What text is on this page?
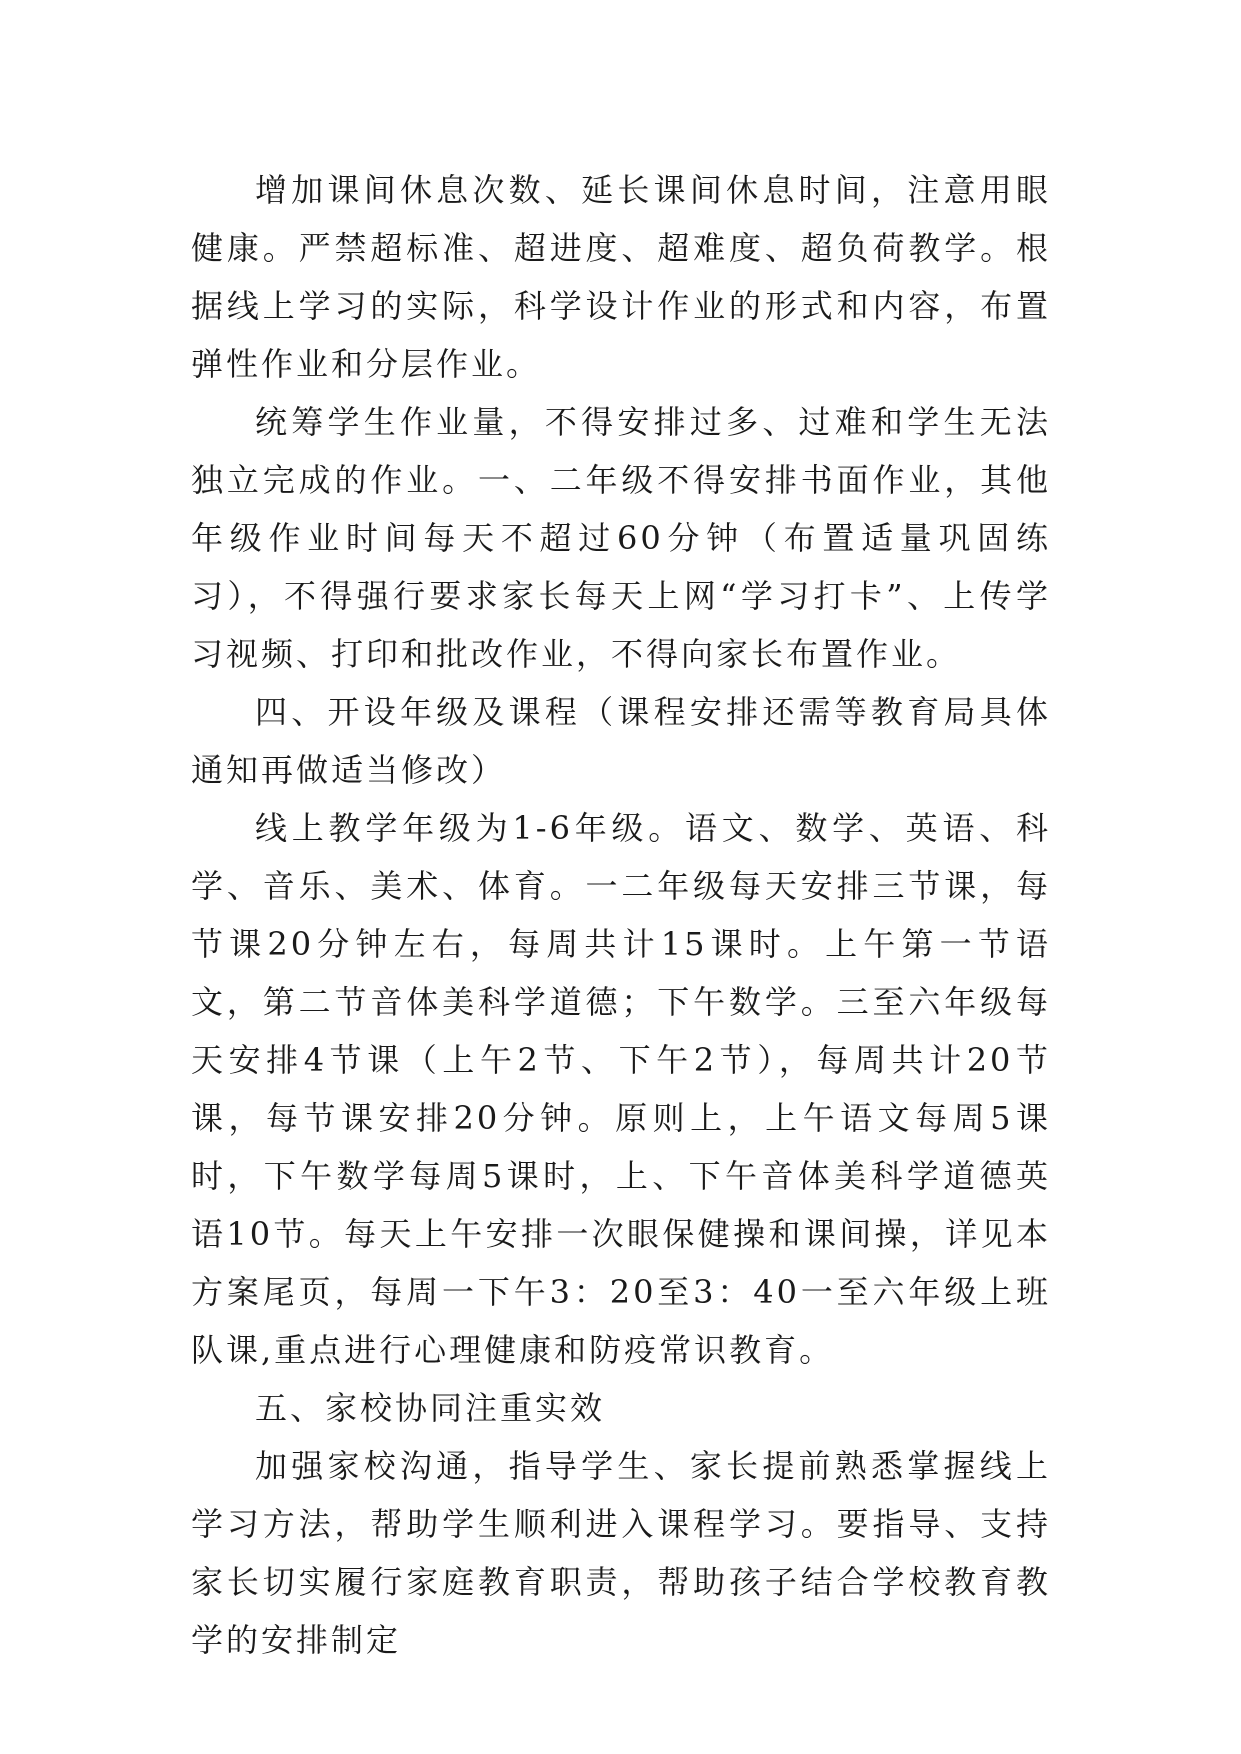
增加课间休息次数、延长课间休息时间，注意用眼健康。严禁超标准、超进度、超难度、超负荷教学。根据线上学习的实际，科学设计作业的形式和内容，布置弹性作业和分层作业。

统筹学生作业量，不得安排过多、过难和学生无法独立完成的作业。一、二年级不得安排书面作业，其他年级作业时间每天不超过60分钟（布置适量巩固练习），不得强行要求家长每天上网“学习打卡”、上传学习视频、打印和批改作业，不得向家长布置作业。

四、开设年级及课程（课程安排还需等教育局具体通知再做适当修改）

线上教学年级为1-6年级。语文、数学、英语、科学、音乐、美术、体育。一二年级每天安排三节课，每节课20分钟左右，每周共计15课时。上午第一节语文，第二节音体美科学道德；下午数学。三至六年级每天安排4节课（上午2节、下午2节），每周共计20节课，每节课安排20分钟。原则上，上午语文每周5课时，下午数学每周5课时，上、下午音体美科学道德英语10节。每天上午安排一次眼保健操和课间操，详见本方案尾页，每周一下午3：20至3：40一至六年级上班队课,重点进行心理健康和防疫常识教育。

五、家校协同注重实效

加强家校沟通，指导学生、家长提前熟悉掌握线上学习方法，帮助学生顺利进入课程学习。要指导、支持家长切实履行家庭教育职责，帮助孩子结合学校教育教学的安排制定
